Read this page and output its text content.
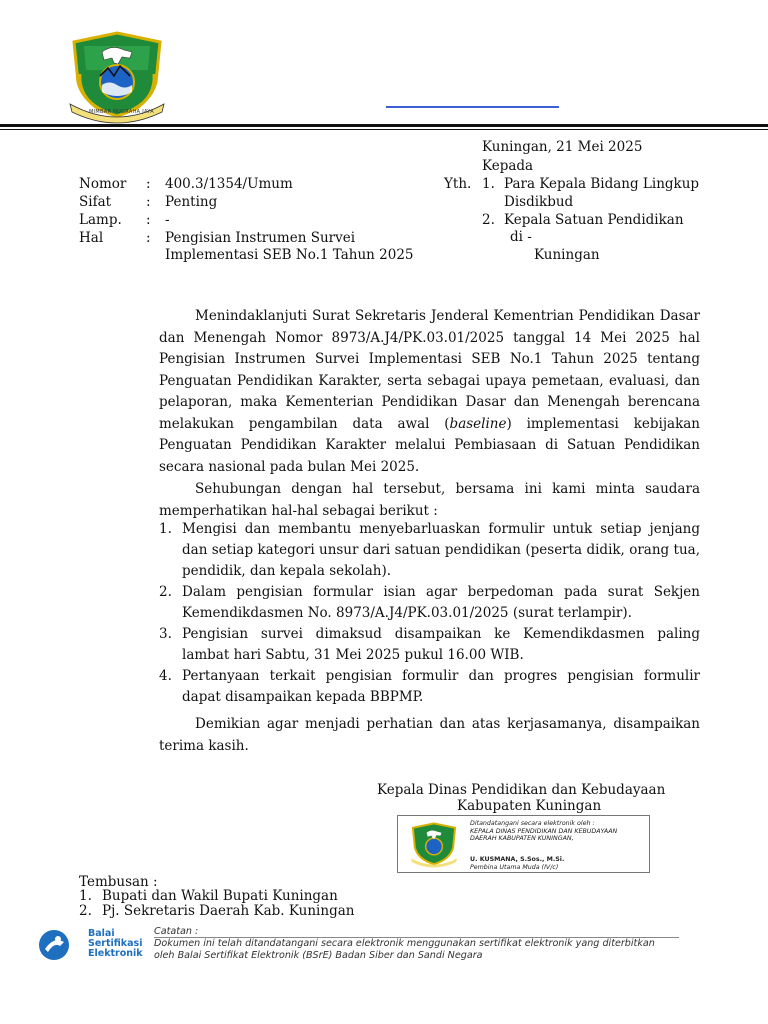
MIMBAR NUGRAHA JAYA
Kuningan, 21 Mei 2025
Kepada
Yth. 1. Para Kepala Bidang Lingkup
Disdikbud
2. Kepala Satuan Pendidikan
di -
Kuningan
Nomor : 400.3/1354/Umum
Sifat	: Penting
Lamp. : -
Hal	: Pengisian Instrumen Survei
Implementasi SEB No.1 Tahun 2025
Menindaklanjuti Surat Sekretaris Jenderal Kementrian Pendidikan Dasar dan Menengah Nomor 8973/A.J4/PK.03.01/2025 tanggal 14 Mei 2025 hal Pengisian Instrumen Survei Implementasi SEB No.1 Tahun 2025 tentang Penguatan Pendidikan Karakter, serta sebagai upaya pemetaan, evaluasi, dan pelaporan, maka Kementerian Pendidikan Dasar dan Menengah berencana melakukan pengambilan data awal (baseline) implementasi kebijakan Penguatan Pendidikan Karakter melalui Pembiasaan di Satuan Pendidikan secara nasional pada bulan Mei 2025.
Sehubungan dengan hal tersebut, bersama ini kami minta saudara memperhatikan hal-hal sebagai berikut :
1. Mengisi dan membantu menyebarluaskan formulir untuk setiap jenjang dan setiap kategori unsur dari satuan pendidikan (peserta didik, orang tua, pendidik, dan kepala sekolah).
2. Dalam pengisian formular isian agar berpedoman pada surat Sekjen Kemendikdasmen No. 8973/A.J4/PK.03.01/2025 (surat terlampir).
3. Pengisian survei dimaksud disampaikan ke Kemendikdasmen paling lambat hari Sabtu, 31 Mei 2025 pukul 16.00 WIB.
4. Pertanyaan terkait pengisian formulir dan progres pengisian formulir dapat disampaikan kepada BBPMP.
Demikian agar menjadi perhatian dan atas kerjasamanya, disampaikan terima kasih.
Kepala Dinas Pendidikan dan Kebudayaan
Kabupaten Kuningan
Ditandatangani secara elektronik oleh :
KEPALA DINAS PENDIDIKAN DAN KEBUDAYAAN
DAERAH KABUPATEN KUNINGAN,
U. KUSMANA, S.Sos., M.Si.
Pembina Utama Muda (IV/c)
Tembusan :
1. Bupati dan Wakil Bupati Kuningan
2. Pj. Sekretaris Daerah Kab. Kuningan
Balai
Sertifikasi
Elektronik
Catatan :
Dokumen ini telah ditandatangani secara elektronik menggunakan sertifikat elektronik yang diterbitkan
oleh Balai Sertifikat Elektronik (BSrE) Badan Siber dan Sandi Negara
